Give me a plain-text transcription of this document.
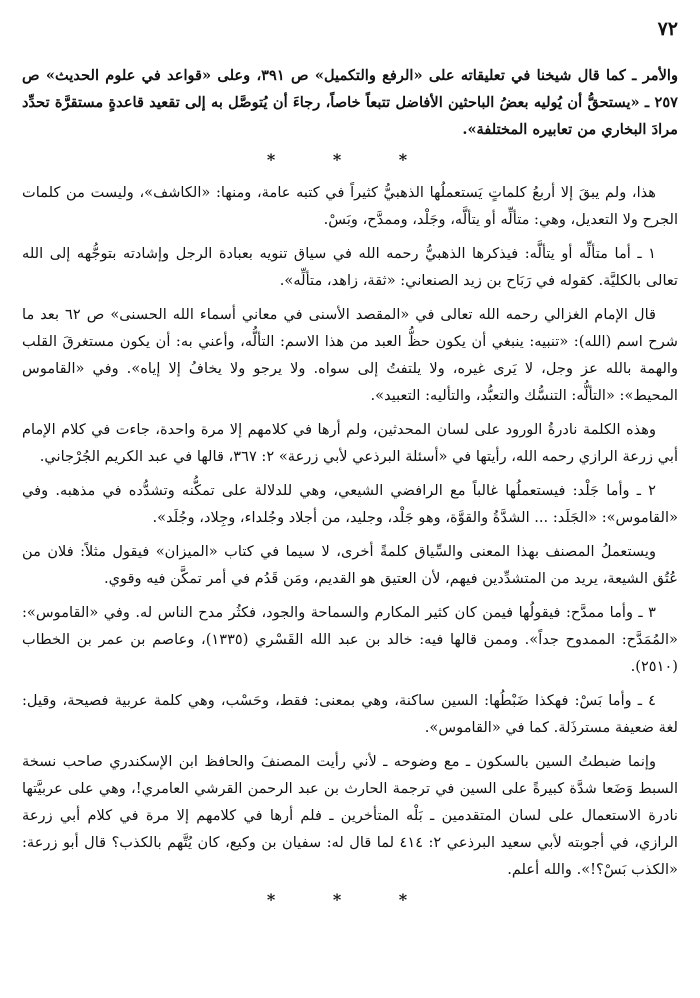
٧٢

والأمر ـ كما قال شيخنا في تعليقاته على «الرفع والتكميل» ص ٣٩١، وعلى «قواعد في علوم الحديث» ص ٢٥٧ ـ «يستحقُّ أن يُوليه بعضُ الباحثين الأفاضل تتبعاً خاصاً، رجاءَ أن يُتوصَّل به إلى تقعيد قاعدةٍ مستقرَّة تحدِّد مرادَ البخاري من تعابيره المختلفة».

* * *

هذا، ولم يبقَ إلا أربعُ كلماتٍ يَستعملُها الذهبيُّ كثيراً في كتبه عامة، ومنها: «الكاشف»، وليست من كلمات الجرح ولا التعديل، وهي: متألِّه أو يتألَّه، وجَلْد، وممدَّح، وبَسْ.

١ ـ أما متألِّه أو يتألَّه: فيذكرها الذهبيُّ رحمه الله في سياق تنويه بعبادة الرجل وإشادته بتوجُّهه إلى الله تعالى بالكليَّة. كقوله في رَبَاح بن زيد الصنعاني: «ثقة، زاهد، متألِّه».

قال الإمام الغزالي رحمه الله تعالى في «المقصد الأسنى في معاني أسماء الله الحسنى» ص ٦٢ بعد ما شرح اسم (الله): «تنبيه: ينبغي أن يكون حظُّ العبد من هذا الاسم: التألُّه، وأعني به: أن يكون مستغرقَ القلب والهمة بالله عز وجل، لا يَرى غيره، ولا يلتفتُ إلى سواه. ولا يرجو ولا يخافُ إلا إياه». وفي «القاموس المحيط»: «التألُّه: التنسُّك والتعبُّد، والتأليه: التعبيد».

وهذه الكلمة نادرةُ الورود على لسان المحدثين، ولم أرها في كلامهم إلا مرة واحدة، جاءت في كلام الإمام أبي زرعة الرازي رحمه الله، رأيتها في «أسئلة البرذعي لأبي زرعة» ٢: ٣٦٧، قالها في عبد الكريم الجُرْجاني.

٢ ـ وأما جَلْد: فيستعملُها غالباً مع الرافضي الشيعي، وهي للدلالة على تمكُّنه وتشدُّده في مذهبه. وفي «القاموس»: «الجَلَد: ... الشدَّةُ والقوَّة، وهو جَلْد، وجليد، من أجلاد وجُلداء، وجِلاد، وجُلَد».

ويستعملُ المصنف بهذا المعنى والسِّياق كلمةً أخرى، لا سيما في كتاب «الميزان» فيقول مثلاً: فلان من عُتُق الشيعة، يريد من المتشدِّدين فيهم، لأن العتيق هو القديم، ومَن قَدُم في أمر تمكَّن فيه وقوي.

٣ ـ وأما ممدَّح: فيقولُها فيمن كان كثير المكارم والسماحة والجود، فكثُر مدح الناس له. وفي «القاموس»: «المُمَدَّح: الممدوح جداً». وممن قالها فيه: خالد بن عبد الله القَسْري (١٣٣٥)، وعاصم بن عمر بن الخطاب (٢٥١٠).

٤ ـ وأما بَسْ: فهكذا ضَبْطُها: السين ساكنة، وهي بمعنى: فقط، وحَسْب، وهي كلمة عربية فصيحة، وقيل: لغة ضعيفة مسترذَلة. كما في «القاموس».

وإنما ضبطتُ السين بالسكون ـ مع وضوحه ـ لأني رأيت المصنفَ والحافظ ابن الإسكندري صاحب نسخة السبط وَضَعا شدَّة كبيرةً على السين في ترجمة الحارث بن عبد الرحمن القرشي العامري!، وهي على عربيَّتها نادرة الاستعمال على لسان المتقدمين ـ بَلْه المتأخرين ـ فلم أرها في كلامهم إلا مرة في كلام أبي زرعة الرازي، في أجوبته لأبي سعيد البرذعي ٢: ٤١٤ لما قال له: سفيان بن وكيع، كان يُتَّهم بالكذب؟ قال أبو زرعة: «الكذب بَسْ؟!». والله أعلم.

* * *
